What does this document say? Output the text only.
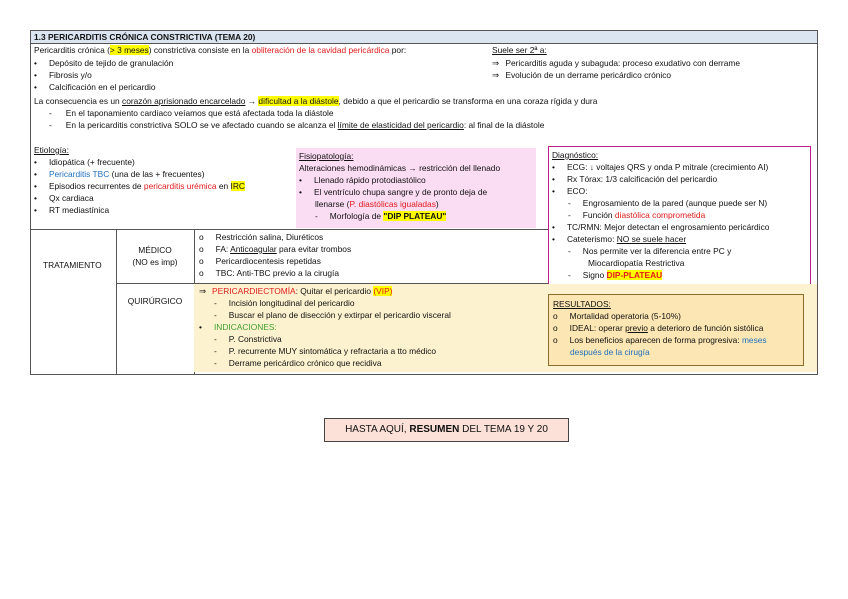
1.3 PERICARDITIS CRÓNICA CONSTRICTIVA (TEMA 20)
Pericarditis crónica (> 3 meses) constrictiva consiste en la obliteración de la cavidad pericárdica por:
• Depósito de tejido de granulación
• Fibrosis y/o
• Calcificación en el pericardio
Suele ser 2ª a:
⇒ Pericarditis aguda y subaguda: proceso exudativo con derrame
⇒ Evolución de un derrame pericárdico crónico
La consecuencia es un corazón aprisionado encarcelado → dificultad a la diástole, debido a que el pericardio se transforma en una coraza rígida y dura
- En el taponamiento cardiaco veíamos que está afectada toda la diástole
- En la pericarditis constrictiva SOLO se ve afectado cuando se alcanza el límite de elasticidad del pericardio: al final de la diástole
Etiología:
• Idiopática (+ frecuente)
• Pericarditis TBC (una de las + frecuentes)
• Episodios recurrentes de pericarditis urémica en IRC
• Qx cardiaca
• RT mediastínica
Fisiopatología:
Alteraciones hemodinámicas → restricción del llenado
• Llenado rápido protodiastólico
• El ventrículo chupa sangre y de pronto deja de
llenarse (P. diastólicas igualadas)
- Morfología de "DIP PLATEAU"
Diagnóstico:
• ECG: ↓ voltajes QRS y onda P mitrale (crecimiento AI)
• Rx Tórax: 1/3 calcificación del pericardio
• ECO:
- Engrosamiento de la pared (aunque puede ser N)
- Función diastólica comprometida
• TC/RMN: Mejor detectan el engrosamiento pericárdico
• Cateterismo: NO se suele hacer
- Nos permite ver la diferencia entre PC y
Miocardiopatía Restrictiva
- Signo DIP-PLATEAU
TRATAMIENTO
MÉDICO
(NO es imp)
o Restricción salina, Diuréticos
o FA: Anticoagular para evitar trombos
o Pericardiocentesis repetidas
o TBC: Anti-TBC previo a la cirugía
QUIRÚRGICO
⇒ PERICARDIECTOMÍA: Quitar el pericardio (VIP)
- Incisión longitudinal del pericardio
- Buscar el plano de disección y extirpar el pericardio visceral
• INDICACIONES:
- P. Constrictiva
- P. recurrente MUY sintomática y refractaria a tto médico
- Derrame pericárdico crónico que recidiva
RESULTADOS:
o Mortalidad operatoria (5-10%)
o IDEAL: operar previo a deterioro de función sistólica
o Los beneficios aparecen de forma progresiva: meses
después de la cirugía
HASTA AQUÍ, RESUMEN DEL TEMA 19 Y 20
